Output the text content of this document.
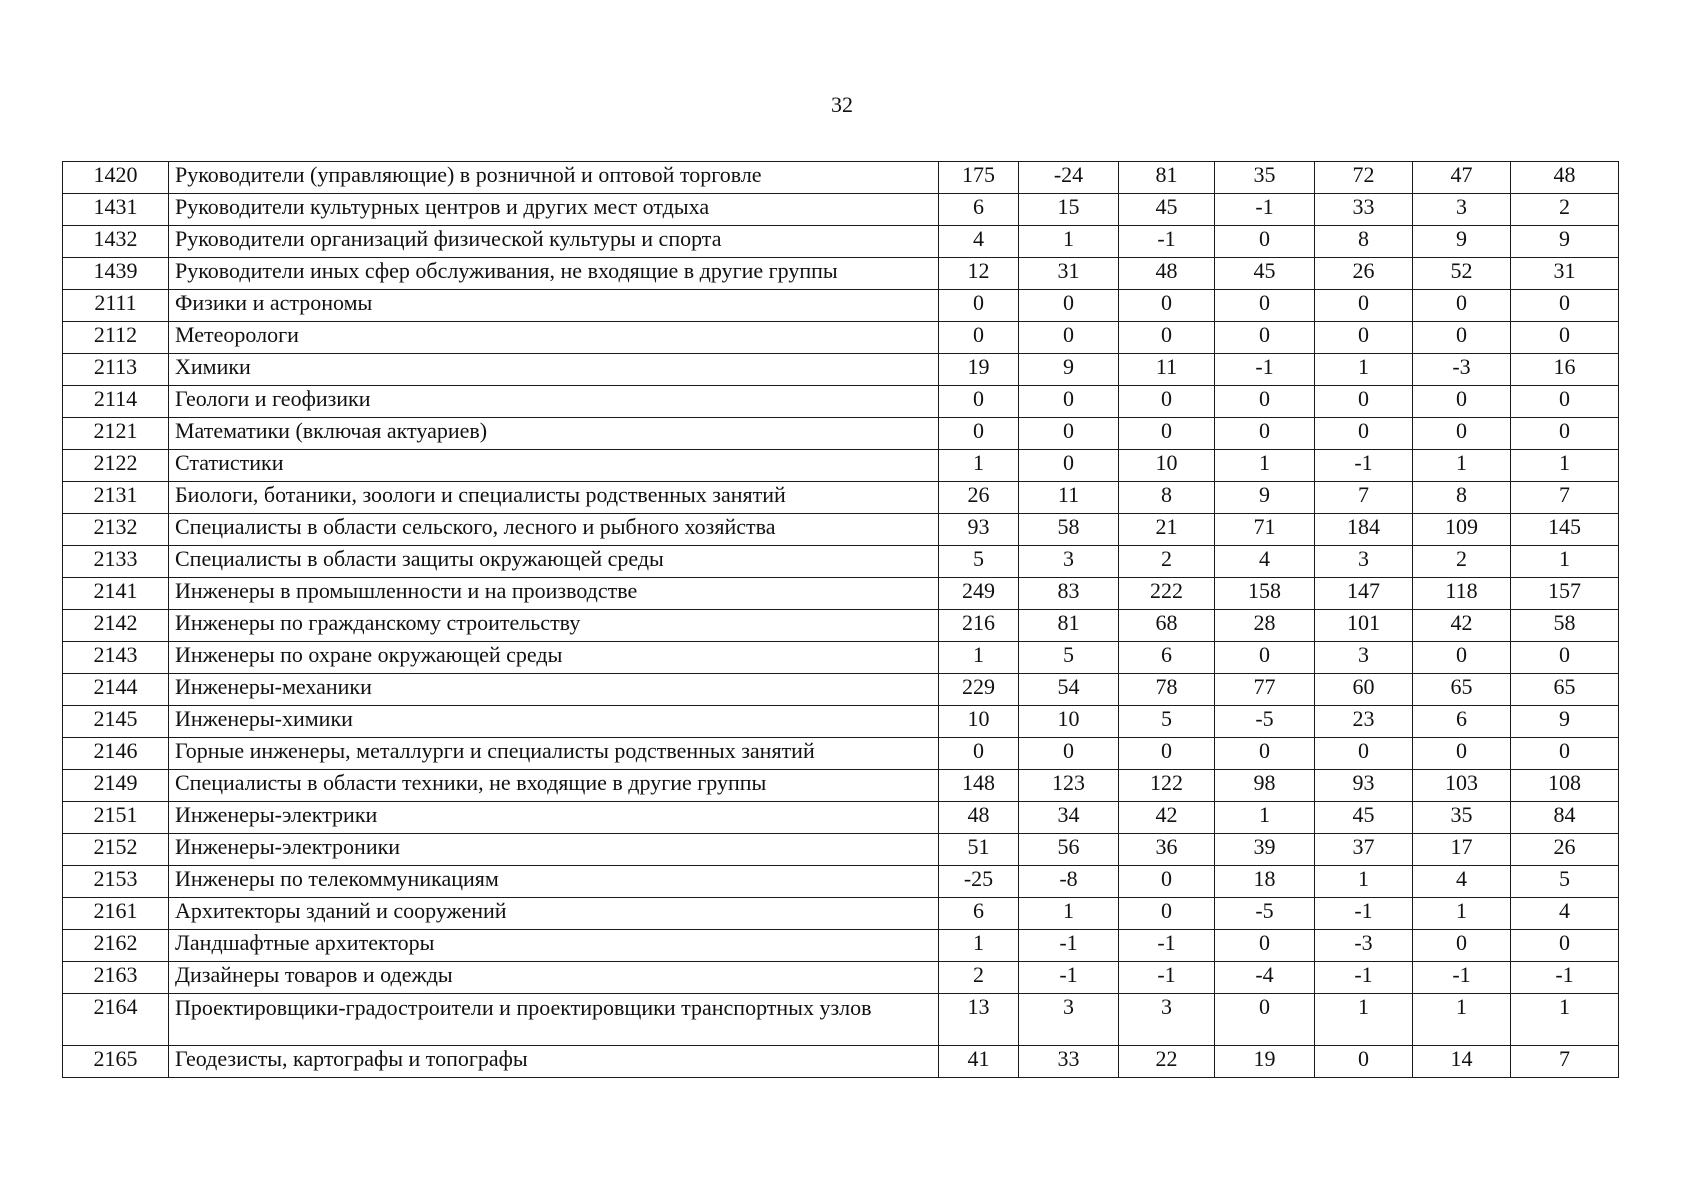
32
1420	Руководители (управляющие) в розничной и оптовой торговле	175	-24	81	35	72	47	48
1431	Руководители культурных центров и других мест отдыха	6	15	45	-1	33	3	2
1432	Руководители организаций физической культуры и спорта	4	1	-1	0	8	9	9
1439	Руководители иных сфер обслуживания, не входящие в другие группы	12	31	48	45	26	52	31
2111	Физики и астрономы	0	0	0	0	0	0	0
2112	Метеорологи	0	0	0	0	0	0	0
2113	Химики	19	9	11	-1	1	-3	16
2114	Геологи и геофизики	0	0	0	0	0	0	0
2121	Математики (включая актуариев)	0	0	0	0	0	0	0
2122	Статистики	1	0	10	1	-1	1	1
2131	Биологи, ботаники, зоологи и специалисты родственных занятий	26	11	8	9	7	8	7
2132	Специалисты в области сельского, лесного и рыбного хозяйства	93	58	21	71	184	109	145
2133	Специалисты в области защиты окружающей среды	5	3	2	4	3	2	1
2141	Инженеры в промышленности и на производстве	249	83	222	158	147	118	157
2142	Инженеры по гражданскому строительству	216	81	68	28	101	42	58
2143	Инженеры по охране окружающей среды	1	5	6	0	3	0	0
2144	Инженеры-механики	229	54	78	77	60	65	65
2145	Инженеры-химики	10	10	5	-5	23	6	9
2146	Горные инженеры, металлурги и специалисты родственных занятий	0	0	0	0	0	0	0
2149	Специалисты в области техники, не входящие в другие группы	148	123	122	98	93	103	108
2151	Инженеры-электрики	48	34	42	1	45	35	84
2152	Инженеры-электроники	51	56	36	39	37	17	26
2153	Инженеры по телекоммуникациям	-25	-8	0	18	1	4	5
2161	Архитекторы зданий и сооружений	6	1	0	-5	-1	1	4
2162	Ландшафтные архитекторы	1	-1	-1	0	-3	0	0
2163	Дизайнеры товаров и одежды	2	-1	-1	-4	-1	-1	-1
2164	Проектировщики-градостроители и проектировщики транспортных узлов	13	3	3	0	1	1	1
2165	Геодезисты, картографы и топографы	41	33	22	19	0	14	7
